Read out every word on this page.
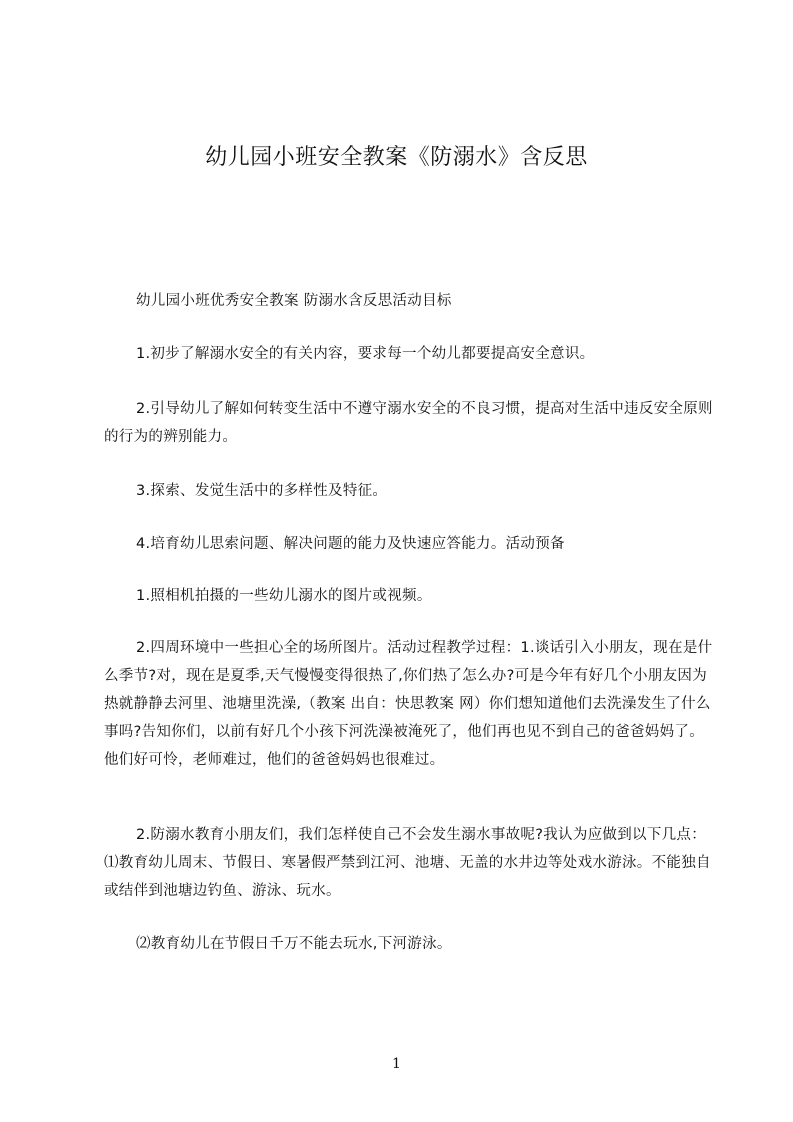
幼儿园小班安全教案《防溺水》含反思

幼儿园小班优秀安全教案 防溺水含反思活动目标

1.初步了解溺水安全的有关内容，要求每一个幼儿都要提高安全意识。

2.引导幼儿了解如何转变生活中不遵守溺水安全的不良习惯，提高对生活中违反安全原则的行为的辨别能力。

3.探索、发觉生活中的多样性及特征。

4.培育幼儿思索问题、解决问题的能力及快速应答能力。活动预备

1.照相机拍摄的一些幼儿溺水的图片或视频。

2.四周环境中一些担心全的场所图片。活动过程教学过程：1.谈话引入小朋友，现在是什么季节?对，现在是夏季,天气慢慢变得很热了,你们热了怎么办?可是今年有好几个小朋友因为热就静静去河里、池塘里洗澡,（教案 出自：快思教案 网）你们想知道他们去洗澡发生了什么事吗?告知你们，以前有好几个小孩下河洗澡被淹死了，他们再也见不到自己的爸爸妈妈了。他们好可怜，老师难过，他们的爸爸妈妈也很难过。

2.防溺水教育小朋友们，我们怎样使自己不会发生溺水事故呢?我认为应做到以下几点：⑴教育幼儿周末、节假日、寒暑假严禁到江河、池塘、无盖的水井边等处戏水游泳。不能独自或结伴到池塘边钓鱼、游泳、玩水。

⑵教育幼儿在节假日千万不能去玩水,下河游泳。

1
